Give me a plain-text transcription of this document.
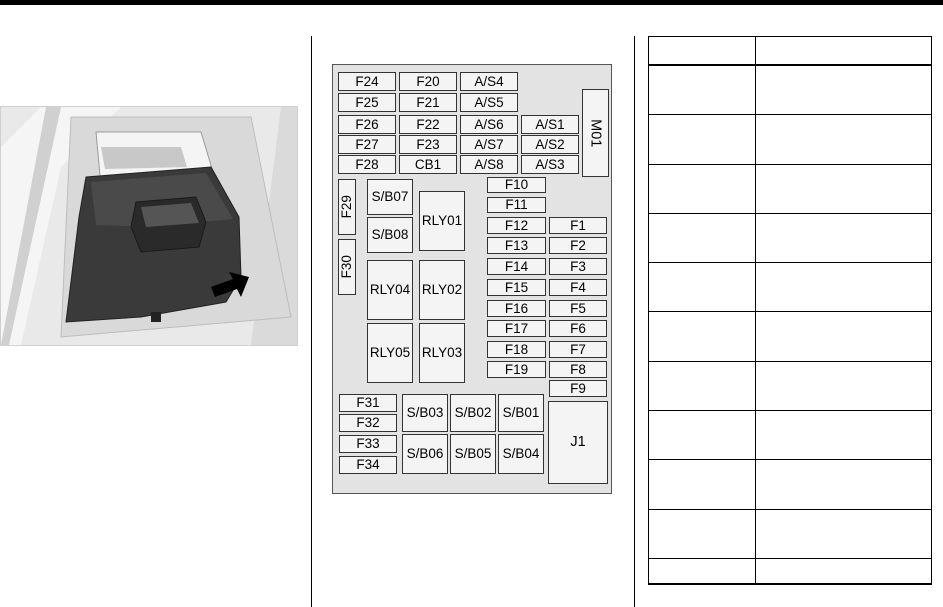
F24	F20	A/S4
F25	F21	A/S5
F26	F22	A/S6 A/S1
F27	F23	A/S7 A/S2
F28	CB1 A/S8 A/S3
M01
F29
F30
S/B07
S/B08
RLY01
RLY04 RLY02
RLY05 RLY03
F10
F11
F12	F1
F13	F2
F14	F3
F15	F4
F16	F5
F17	F6
F18	F7
F19	F8
F9
F31
F32
F33
F34
S/B03 S/B02 S/B01
S/B06 S/B05 S/B04
J1
